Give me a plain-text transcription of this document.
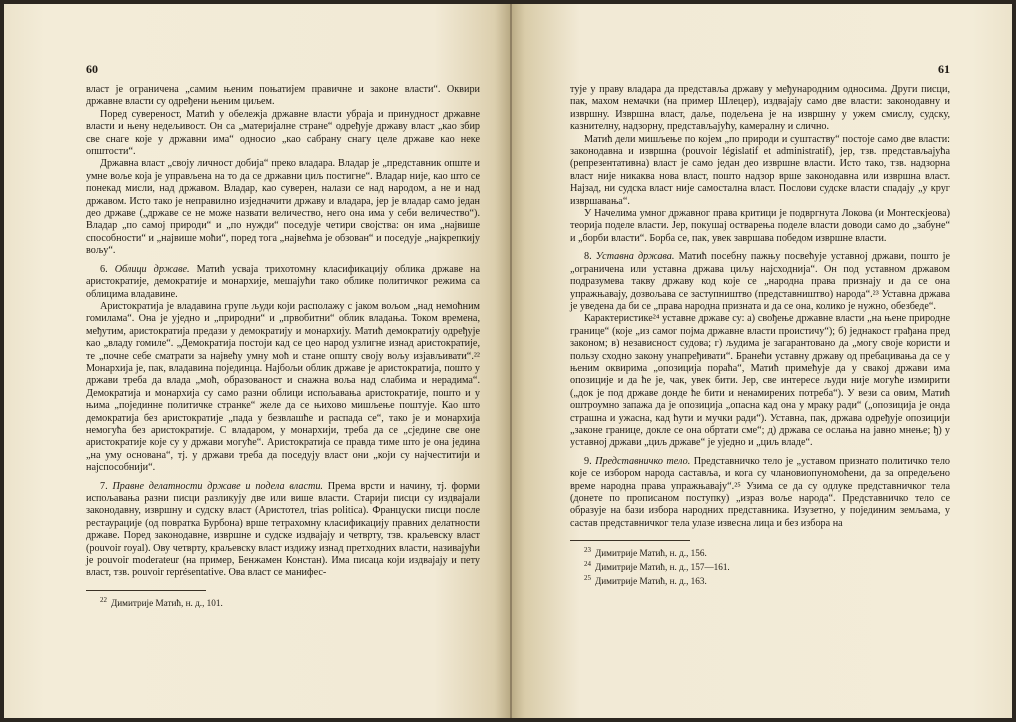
60

власт је ограничена „самим њеним поњатијем правичне и законе власти“. Оквири државне власти су одређени њеним циљем.

Поред сувереност, Матић у обележја државне власти убраја и принудност државне власти и њену недељивост. Он са „материјалне стране“ одређује државу власт „као збир све снаге које у државни има“ односио „као сабрану снагу целе државе као неке општости“.

Државна власт „своју личност добија“ преко владара. Владар је „представник опште и умне воље која је управљена на то да се државни циљ постигне“. Владар није, као што се понекад мисли, над државом. Владар, као суверен, налази се над народом, а не и над државом. Исто тако је неправилно изједначити државу и владара, јер је владар само један део државе („државе се не може назвати величество, него она има у себи величество“). Владар „по самој природи“ и „по нужди“ поседује четири својства: он има „највише способности“ и „највише моћи“, поред тога „највећма је обзован“ и поседује „најкрепкију вољу“.

6. Облици државе. Матић усваја трихотомну класификацију облика државе на аристократије, демократије и монархије, мешајући тако облике политичког режима са облицима владавине.

Аристократија је владавина групе људи који располажу с јаком вољом „над немоћним гомилама“. Она је уједно и „природни“ и „првобитни“ облик владања. Током времена, међутим, аристократија предази у демократију и монархију. Матић демократију одређује као „владу гомиле“. „Демократија постоји кад се цео народ узлигне изнад аристократије, те „почне себе сматрати за највећу умну моћ и стане општу своју вољу изјављивати“.²² Монархија је, пак, владавина појединца. Најбољи облик државе је аристократија, пошто у држави треба да влада „моћ, образованост и снажна воља над слабима и нерадима“. Демократија и монархија су само разни облици испољавања аристократије, пошто и у њима „појединне политичке странке“ желе да се њихово мишљење поштује. Као што демократија без аристократије „пада у безвлашће и распада се“, тако је и монархија немогућа без аристократије. С владаром, у монархији, треба да се „сједине све оне аристократије које су у држави могуће“. Аристократија се правда тиме што је она једина „на уму основана“, тј. у држави треба да поседују власт они „који су најчеститији и најспособнији“.

7. Правне делатности државе и подела власти. Према врсти и начину, тј. форми испољавања разни писци разликују две или више власти. Старији писци су издвајали законодавну, извршну и судску власт (Аристотел, trias politica). Француски писци после рестаурације (од повратка Бурбона) врше тетрахомну класификацију правних делатности државе. Поред законодавне, извршне и судске издвајају и четврту, тзв. краљевску власт (pouvoir royal). Ову четврту, краљевску власт издижу изнад претходних власти, називајући је pouvoir moderateur (на пример, Бенжамен Констан). Има писаца који издвајају и пету власт, тзв. pouvoir représentative. Ова власт се манифес-

$^{22}$ Димитрије Матић, н. д., 101.

61

тује у праву владара да представља државу у међународним односима. Други писци, пак, махом немачки (на пример Шлецер), издвајају само две власти: законодавну и извршну. Извршна власт, даље, подељена је на извршну у ужем смислу, судску, казнителну, надзорну, представљајућу, камералну и слично.

Матић дели мишљење по којем „по природи и суштаству“ постоје само две власти: законодавна и извршна (pouvoir législatif et administratif), јер, тзв. представљајућа (репрезентативна) власт је само један део извршне власти. Исто тако, тзв. надзорна власт није никаква нова власт, пошто надзор врше законодавна или извршна власт. Најзад, ни судска власт није самостална власт. Послови судске власти спадају „у круг извршавања“.

У Начелима умног државног права критици је подвргнута Локова (и Монтескјеова) теорија поделе власти. Јер, покушај остварења поделе власти доводи само до „забуне“ и „борби власти“. Борба се, пак, увек завршава победом извршне власти.

8. Уставна држава. Матић посебну пажњу посвећује уставној држави, пошто је „ограничена или уставна држава циљу најсходнија“. Он под уставном државом подразумева такву државу код које се „народна права признају и да се она упражњавају, дозвољава се заступништво (представништво) народа“.²³ Уставна држава је уведена да би се „права народна призната и да се она, колико је нужно, обезбеде“.

Карактеристике²⁴ уставне државе су: а) свођење државне власти „на њене природне границе“ (које „из самог појма државне власти проистичу“); б) једнакост грађана пред законом; в) независност судова; г) људима је загарантовано да „могу своје користи и пользу сходно закону унапређивати“. Бранећи уставну државу од пребацивања да се у њеним оквирима „опозиција пораћа“, Матић примећује да у свакој држави има опозиције и да ће је, чак, увек бити. Јер, све интересе људи није могуће измирити („док је под државе донде ће бити и ненамирених потреба“). У вези са овим, Матић оштроумно запажа да је опозиција „опасна кад она у мраку ради“ („опозиција је онда страшна и ужасна, кад ћути и мучки ради“). Уставна, пак, држава одређује опозицији „законе границе, докле се она обртати сме“; д) држава се ослања на јавно мнење; ђ) у уставној држави „циљ државе“ је уједно и „циљ владе“.

9. Представничко тело. Представничко тело је „уставом признато политичко тело које се избором народа саставља, и кога су члановиопуномоћени, да за опредељено време народна права упражњавају“.²⁵ Узима се да су одлуке представничког тела (донете по прописаном поступку) „израз воље народа“. Представничко тело се образује на бази избора народних представника. Изузетно, у појединим земљама, у састав представничког тела улазе извесна лица и без избора на

$^{23}$ Димитрије Матић, н. д., 156.

$^{24}$ Димитрије Матић, н. д., 157—161.

$^{25}$ Димитрије Матић, н. д., 163.
